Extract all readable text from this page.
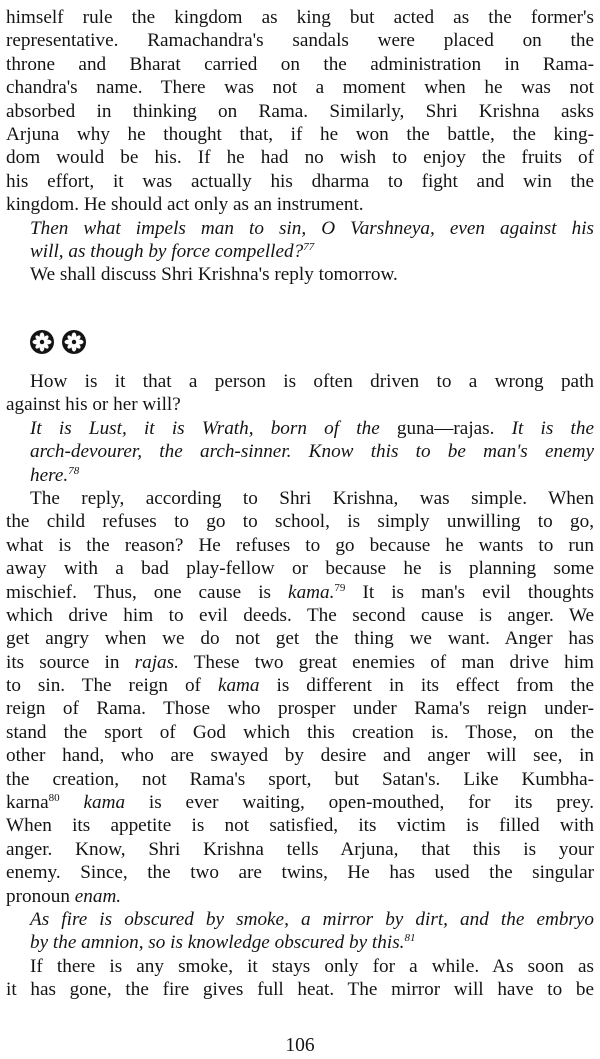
himself rule the kingdom as king but acted as the former's
representative. Ramachandra's sandals were placed on the
throne and Bharat carried on the administration in Rama-
chandra's name. There was not a moment when he was not
absorbed in thinking on Rama. Similarly, Shri Krishna asks
Arjuna why he thought that, if he won the battle, the king-
dom would be his. If he had no wish to enjoy the fruits of
his effort, it was actually his dharma to fight and win the
kingdom. He should act only as an instrument.
Then what impels man to sin, O Varshneya, even against his
will, as though by force compelled?$^{77}$
We shall discuss Shri Krishna's reply tomorrow.
How is it that a person is often driven to a wrong path
against his or her will?
It is Lust, it is Wrath, born of the guna—rajas. It is the
arch-devourer, the arch-sinner. Know this to be man's enemy
here.$^{78}$
The reply, according to Shri Krishna, was simple. When
the child refuses to go to school, is simply unwilling to go,
what is the reason? He refuses to go because he wants to run
away with a bad play-fellow or because he is planning some
mischief. Thus, one cause is kama.$^{79}$ It is man's evil thoughts
which drive him to evil deeds. The second cause is anger. We
get angry when we do not get the thing we want. Anger has
its source in rajas. These two great enemies of man drive him
to sin. The reign of kama is different in its effect from the
reign of Rama. Those who prosper under Rama's reign under-
stand the sport of God which this creation is. Those, on the
other hand, who are swayed by desire and anger will see, in
the creation, not Rama's sport, but Satan's. Like Kumbha-
karna$^{80}$ kama is ever waiting, open-mouthed, for its prey.
When its appetite is not satisfied, its victim is filled with
anger. Know, Shri Krishna tells Arjuna, that this is your
enemy. Since, the two are twins, He has used the singular
pronoun enam.
As fire is obscured by smoke, a mirror by dirt, and the embryo
by the amnion, so is knowledge obscured by this.$^{81}$
If there is any smoke, it stays only for a while. As soon as
it has gone, the fire gives full heat. The mirror will have to be
106
